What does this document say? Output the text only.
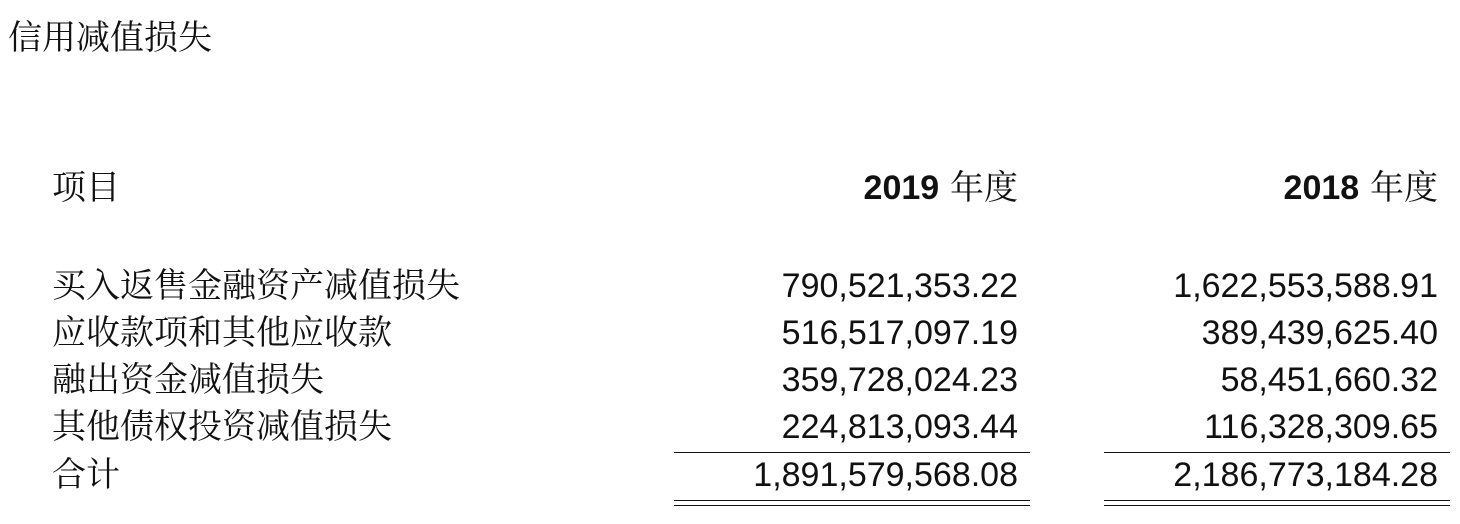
信用减值损失
项目	2019 年度	2018 年度
买入返售金融资产减值损失	790,521,353.22	1,622,553,588.91
应收款项和其他应收款	516,517,097.19	389,439,625.40
融出资金减值损失	359,728,024.23	58,451,660.32
其他债权投资减值损失	224,813,093.44	116,328,309.65
合计	1,891,579,568.08	2,186,773,184.28
